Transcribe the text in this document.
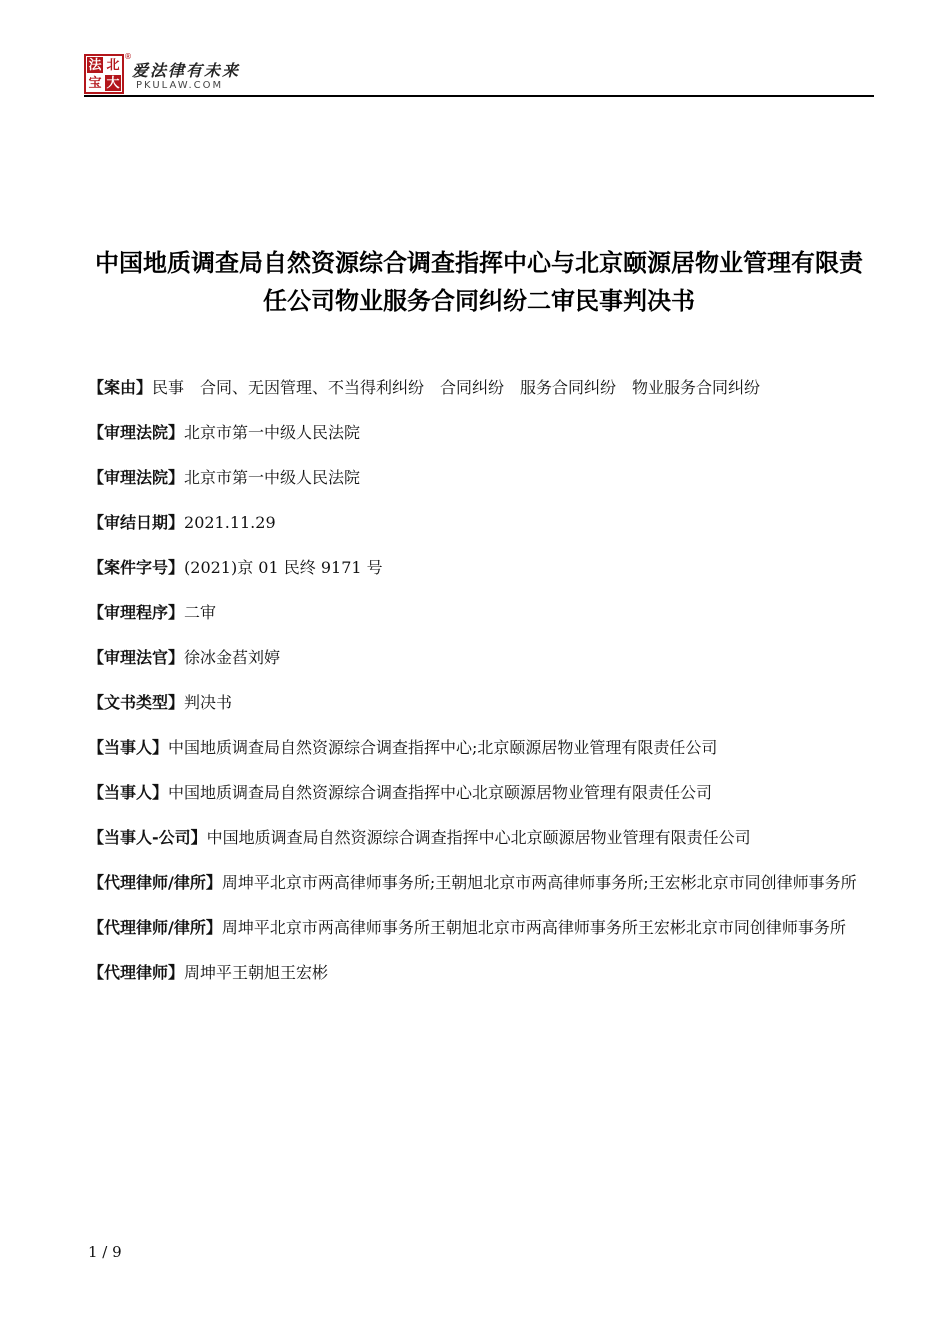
法 北
宝 大
®
爱法律有未来
PKULAW.COM
中国地质调查局自然资源综合调查指挥中心与北京颐源居物业管理有限责任公司物业服务合同纠纷二审民事判决书

【案由】民事　合同、无因管理、不当得利纠纷　合同纠纷　服务合同纠纷　物业服务合同纠纷

【审理法院】北京市第一中级人民法院

【审理法院】北京市第一中级人民法院

【审结日期】2021.11.29

【案件字号】(2021)京 01 民终 9171 号

【审理程序】二审

【审理法官】徐冰金萏刘婷

【文书类型】判决书

【当事人】中国地质调查局自然资源综合调查指挥中心;北京颐源居物业管理有限责任公司

【当事人】中国地质调查局自然资源综合调查指挥中心北京颐源居物业管理有限责任公司

【当事人-公司】中国地质调查局自然资源综合调查指挥中心北京颐源居物业管理有限责任公司

【代理律师/律所】周坤平北京市两高律师事务所;王朝旭北京市两高律师事务所;王宏彬北京市同创律师事务所

【代理律师/律所】周坤平北京市两高律师事务所王朝旭北京市两高律师事务所王宏彬北京市同创律师事务所

【代理律师】周坤平王朝旭王宏彬

1 / 9
